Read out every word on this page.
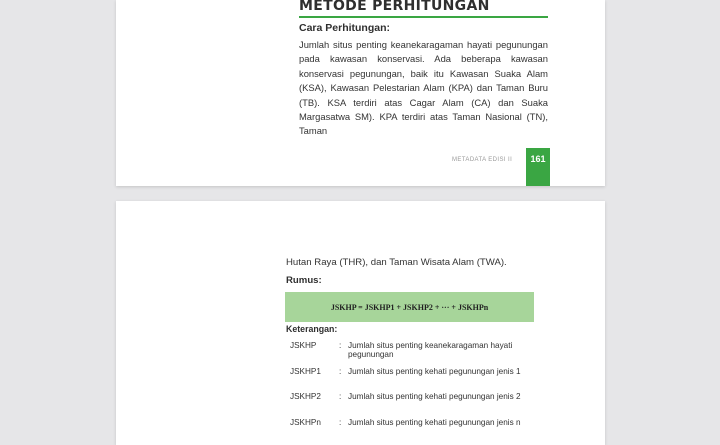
METODE PERHITUNGAN
Cara Perhitungan:
Jumlah situs penting keanekaragaman hayati pegunungan pada kawasan konservasi. Ada beberapa kawasan konservasi pegunungan, baik itu Kawasan Suaka Alam (KSA), Kawasan Pelestarian Alam (KPA) dan Taman Buru (TB). KSA terdiri atas Cagar Alam (CA) dan Suaka Margasatwa SM). KPA terdiri atas Taman Nasional (TN), Taman
METADATA EDISI II	161
Hutan Raya (THR), dan Taman Wisata Alam (TWA).
Rumus:
JSKHP = JSKHP1 + JSKHP2 + ··· + JSKHPn
Keterangan:
JSKHP	: Jumlah situs penting keanekaragaman hayati pegunungan
JSKHP1 : Jumlah situs penting kehati pegunungan jenis 1
JSKHP2 : Jumlah situs penting kehati pegunungan jenis 2
JSKHPn : Jumlah situs penting kehati pegunungan jenis n
